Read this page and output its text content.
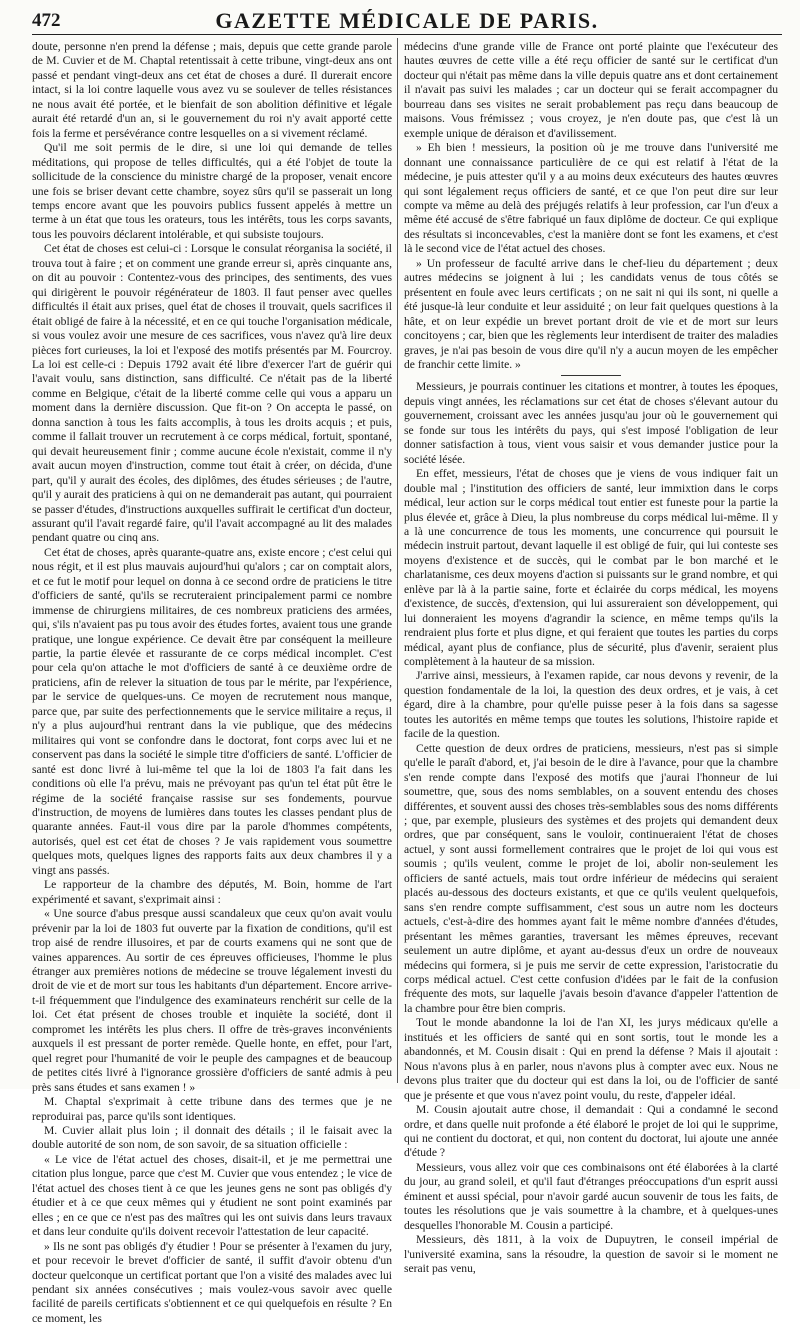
472	GAZETTE MÉDICALE DE PARIS.

doute, personne n'en prend la défense ; mais, depuis que cette grande parole de M. Cuvier et de M. Chaptal retentissait à cette tribune, vingt-deux ans ont passé et pendant vingt-deux ans cet état de choses a duré. Il durerait encore intact, si la loi contre laquelle vous avez vu se soulever de telles résistances ne nous avait été portée, et le bienfait de son abolition définitive et légale aurait été retardé d'un an, si le gouvernement du roi n'y avait apporté cette fois la ferme et persévérance contre lesquelles on a si vivement réclamé.

Qu'il me soit permis de le dire, si une loi qui demande de telles méditations, qui propose de telles difficultés, qui a été l'objet de toute la sollicitude de la conscience du ministre chargé de la proposer, venait encore une fois se briser devant cette chambre, soyez sûrs qu'il se passerait un long temps encore avant que les pouvoirs publics fussent appelés à mettre un terme à un état que tous les orateurs, tous les intérêts, tous les corps savants, tous les pouvoirs déclarent intolérable, et qui subsiste toujours.

Cet état de choses est celui-ci : Lorsque le consulat réorganisa la société, il trouva tout à faire ; et on comment une grande erreur si, après cinquante ans, on dit au pouvoir : Contentez-vous des principes, des sentiments, des vues qui dirigèrent le pouvoir régénérateur de 1803. Il faut penser avec quelles difficultés il était aux prises, quel état de choses il trouvait, quels sacrifices il était obligé de faire à la nécessité, et en ce qui touche l'organisation médicale, si vous voulez avoir une mesure de ces sacrifices, vous n'avez qu'à lire deux pièces fort curieuses, la loi et l'exposé des motifs présentés par M. Fourcroy. La loi est celle-ci : Depuis 1792 avait été libre d'exercer l'art de guérir qui l'avait voulu, sans distinction, sans difficulté. Ce n'était pas de la liberté comme en Belgique, c'était de la liberté comme celle qui vous a apparu un moment dans la dernière discussion. Que fit-on ? On accepta le passé, on donna sanction à tous les faits accomplis, à tous les droits acquis ; et puis, comme il fallait trouver un recrutement à ce corps médical, fortuit, spontané, qui devait heureusement finir ; comme aucune école n'existait, comme il n'y avait aucun moyen d'instruction, comme tout était à créer, on décida, d'une part, qu'il y aurait des écoles, des diplômes, des études sérieuses ; de l'autre, qu'il y aurait des praticiens à qui on ne demanderait pas autant, qui pourraient se passer d'études, d'instructions auxquelles suffirait le certificat d'un docteur, assurant qu'il l'avait regardé faire, qu'il l'avait accompagné au lit des malades pendant quatre ou cinq ans.

Cet état de choses, après quarante-quatre ans, existe encore ; c'est celui qui nous régit, et il est plus mauvais aujourd'hui qu'alors ; car on comptait alors, et ce fut le motif pour lequel on donna à ce second ordre de praticiens le titre d'officiers de santé, qu'ils se recruteraient principalement parmi ce nombre immense de chirurgiens militaires, de ces nombreux praticiens des armées, qui, s'ils n'avaient pas pu tous avoir des études fortes, avaient tous une grande pratique, une longue expérience. Ce devait être par conséquent la meilleure partie, la partie élevée et rassurante de ce corps médical incomplet. C'est pour cela qu'on attache le mot d'officiers de santé à ce deuxième ordre de praticiens, afin de relever la situation de tous par le mérite, par l'expérience, par le service de quelques-uns. Ce moyen de recrutement nous manque, parce que, par suite des perfectionnements que le service militaire a reçus, il n'y a plus aujourd'hui rentrant dans la vie publique, que des médecins militaires qui vont se confondre dans le doctorat, font corps avec lui et ne conservent pas dans la société le simple titre d'officiers de santé. L'officier de santé est donc livré à lui-même tel que la loi de 1803 l'a fait dans les conditions où elle l'a prévu, mais ne prévoyant pas qu'un tel état pût être le régime de la société française rassise sur ses fondements, pourvue d'instruction, de moyens de lumières dans toutes les classes pendant plus de quarante années. Faut-il vous dire par la parole d'hommes compétents, autorisés, quel est cet état de choses ? Je vais rapidement vous soumettre quelques mots, quelques lignes des rapports faits aux deux chambres il y a vingt ans passés.

Le rapporteur de la chambre des députés, M. Boin, homme de l'art expérimenté et savant, s'exprimait ainsi :

« Une source d'abus presque aussi scandaleux que ceux qu'on avait voulu prévenir par la loi de 1803 fut ouverte par la fixation de conditions, qu'il est trop aisé de rendre illusoires, et par de courts examens qui ne sont que de vaines apparences. Au sortir de ces épreuves officieuses, l'homme le plus étranger aux premières notions de médecine se trouve légalement investi du droit de vie et de mort sur tous les habitants d'un département. Encore arrive-t-il fréquemment que l'indulgence des examinateurs renchérit sur celle de la loi. Cet état présent de choses trouble et inquiète la société, dont il compromet les intérêts les plus chers. Il offre de très-graves inconvénients auxquels il est pressant de porter remède. Quelle honte, en effet, pour l'art, quel regret pour l'humanité de voir le peuple des campagnes et de beaucoup de petites cités livré à l'ignorance grossière d'officiers de santé admis à peu près sans études et sans examen ! »

M. Chaptal s'exprimait à cette tribune dans des termes que je ne reproduirai pas, parce qu'ils sont identiques.

M. Cuvier allait plus loin ; il donnait des détails ; il le faisait avec la double autorité de son nom, de son savoir, de sa situation officielle :

« Le vice de l'état actuel des choses, disait-il, et je me permettrai une citation plus longue, parce que c'est M. Cuvier que vous entendez ; le vice de l'état actuel des choses tient à ce que les jeunes gens ne sont pas obligés d'y étudier et à ce que ceux mêmes qui y étudient ne sont point examinés par elles ; en ce que ce n'est pas des maîtres qui les ont suivis dans leurs travaux et dans leur conduite qu'ils doivent recevoir l'attestation de leur capacité.

» Ils ne sont pas obligés d'y étudier ! Pour se présenter à l'examen du jury, et pour recevoir le brevet d'officier de santé, il suffit d'avoir obtenu d'un docteur quelconque un certificat portant que l'on a visité des malades avec lui pendant six années consécutives ; mais voulez-vous savoir avec quelle facilité de pareils certificats s'obtiennent et ce qui quelquefois en résulte ? En ce moment, les

médecins d'une grande ville de France ont porté plainte que l'exécuteur des hautes œuvres de cette ville a été reçu officier de santé sur le certificat d'un docteur qui n'était pas même dans la ville depuis quatre ans et dont certainement il n'avait pas suivi les malades ; car un docteur qui se ferait accompagner du bourreau dans ses visites ne serait probablement pas reçu dans beaucoup de maisons. Vous frémissez ; vous croyez, je n'en doute pas, que c'est là un exemple unique de déraison et d'avilissement.

» Eh bien ! messieurs, la position où je me trouve dans l'université me donnant une connaissance particulière de ce qui est relatif à l'état de la médecine, je puis attester qu'il y a au moins deux exécuteurs des hautes œuvres qui sont légalement reçus officiers de santé, et ce que l'on peut dire sur leur compte va même au delà des préjugés relatifs à leur profession, car l'un d'eux a même été accusé de s'être fabriqué un faux diplôme de docteur. Ce qui explique des résultats si inconcevables, c'est la manière dont se font les examens, et c'est là le second vice de l'état actuel des choses.

» Un professeur de faculté arrive dans le chef-lieu du département ; deux autres médecins se joignent à lui ; les candidats venus de tous côtés se présentent en foule avec leurs certificats ; on ne sait ni qui ils sont, ni quelle a été jusque-là leur conduite et leur assiduité ; on leur fait quelques questions à la hâte, et on leur expédie un brevet portant droit de vie et de mort sur leurs concitoyens ; car, bien que les règlements leur interdisent de traiter des maladies graves, je n'ai pas besoin de vous dire qu'il n'y a aucun moyen de les empêcher de franchir cette limite. »

Messieurs, je pourrais continuer les citations et montrer, à toutes les époques, depuis vingt années, les réclamations sur cet état de choses s'élevant autour du gouvernement, croissant avec les années jusqu'au jour où le gouvernement qui se fonde sur tous les intérêts du pays, qui s'est imposé l'obligation de leur donner satisfaction à tous, vient vous saisir et vous demander justice pour la société lésée.

En effet, messieurs, l'état de choses que je viens de vous indiquer fait un double mal ; l'institution des officiers de santé, leur immixtion dans le corps médical, leur action sur le corps médical tout entier est funeste pour la partie la plus élevée et, grâce à Dieu, la plus nombreuse du corps médical lui-même. Il y a là une concurrence de tous les moments, une concurrence qui poursuit le médecin instruit partout, devant laquelle il est obligé de fuir, qui lui conteste ses moyens d'existence et de succès, qui le combat par le bon marché et le charlatanisme, ces deux moyens d'action si puissants sur le grand nombre, et qui enlève par là à la partie saine, forte et éclairée du corps médical, les moyens d'existence, de succès, d'extension, qui lui assureraient son développement, qui lui donneraient les moyens d'agrandir la science, en même temps qu'ils la rendraient plus forte et plus digne, et qui feraient que toutes les parties du corps médical, ayant plus de confiance, plus de sécurité, plus d'avenir, seraient plus complètement à la hauteur de sa mission.

J'arrive ainsi, messieurs, à l'examen rapide, car nous devons y revenir, de la question fondamentale de la loi, la question des deux ordres, et je vais, à cet égard, dire à la chambre, pour qu'elle puisse peser à la fois dans sa sagesse toutes les autorités en même temps que toutes les solutions, l'histoire rapide et facile de la question.

Cette question de deux ordres de praticiens, messieurs, n'est pas si simple qu'elle le paraît d'abord, et, j'ai besoin de le dire à l'avance, pour que la chambre s'en rende compte dans l'exposé des motifs que j'aurai l'honneur de lui soumettre, que, sous des noms semblables, on a souvent entendu des choses différentes, et souvent aussi des choses très-semblables sous des noms différents ; que, par exemple, plusieurs des systèmes et des projets qui demandent deux ordres, que par conséquent, sans le vouloir, continueraient l'état de choses actuel, y sont aussi formellement contraires que le projet de loi qui vous est soumis ; qu'ils veulent, comme le projet de loi, abolir non-seulement les officiers de santé actuels, mais tout ordre inférieur de médecins qui seraient placés au-dessous des docteurs existants, et que ce qu'ils veulent quelquefois, sans s'en rendre compte suffisamment, c'est sous un autre nom les docteurs actuels, c'est-à-dire des hommes ayant fait le même nombre d'années d'études, présentant les mêmes garanties, traversant les mêmes épreuves, recevant seulement un autre diplôme, et ayant au-dessus d'eux un ordre de nouveaux médecins qui formera, si je puis me servir de cette expression, l'aristocratie du corps médical actuel. C'est cette confusion d'idées par le fait de la confusion fréquente des mots, sur laquelle j'avais besoin d'avance d'appeler l'attention de la chambre pour être bien compris.

Tout le monde abandonne la loi de l'an XI, les jurys médicaux qu'elle a institués et les officiers de santé qui en sont sortis, tout le monde les a abandonnés, et M. Cousin disait : Qui en prend la défense ? Mais il ajoutait : Nous n'avons plus à en parler, nous n'avons plus à compter avec eux. Nous ne devons plus traiter que du docteur qui est dans la loi, ou de l'officier de santé que je présente et que vous n'avez point voulu, du reste, d'appeler idéal.

M. Cousin ajoutait autre chose, il demandait : Qui a condamné le second ordre, et dans quelle nuit profonde a été élaboré le projet de loi qui le supprime, qui ne contient du doctorat, et qui, non content du doctorat, lui ajoute une année d'étude ?

Messieurs, vous allez voir que ces combinaisons ont été élaborées à la clarté du jour, au grand soleil, et qu'il faut d'étranges préoccupations d'un esprit aussi éminent et aussi spécial, pour n'avoir gardé aucun souvenir de tous les faits, de toutes les résolutions que je vais soumettre à la chambre, et à quelques-unes desquelles l'honorable M. Cousin a participé.

Messieurs, dès 1811, à la voix de Dupuytren, le conseil impérial de l'université examina, sans la résoudre, la question de savoir si le moment ne serait pas venu,
